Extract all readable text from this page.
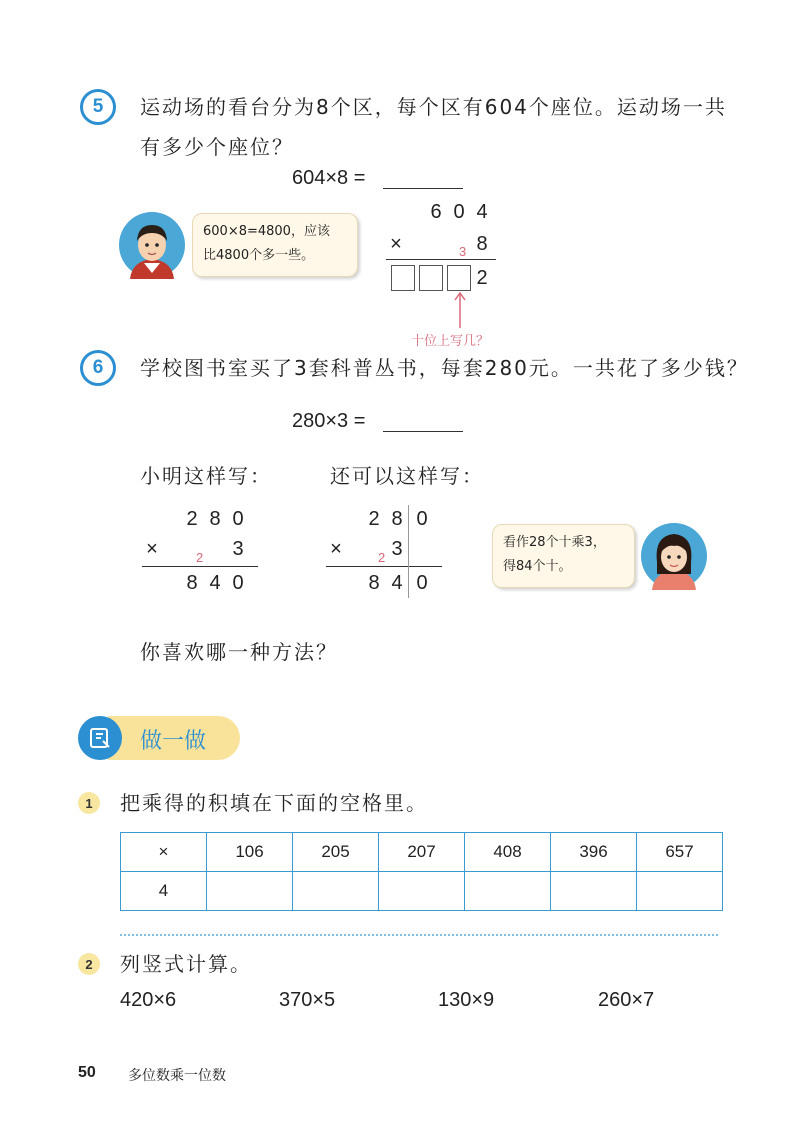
5	运动场的看台分为8个区，每个区有604个座位。运动场一共
有多少个座位？
604×8 =
6 0 4
×	3 8
2
十位上写几？
600×8=4800，应该
比4800个多一些。
6	学校图书室买了3套科普丛书，每套280元。一共花了多少钱？
280×3 =
小明这样写：	还可以这样写：
2 8 0
×	2 3
8 4 0
2 8 0
×	2 3
8 4 0
看作28个十乘3，
得84个十。
你喜欢哪一种方法？
做一做
1	把乘得的积填在下面的空格里。
×	106	205	207	408	396	657
4						
2	列竖式计算。
420×6	370×5	130×9	260×7
50 多位数乘一位数
